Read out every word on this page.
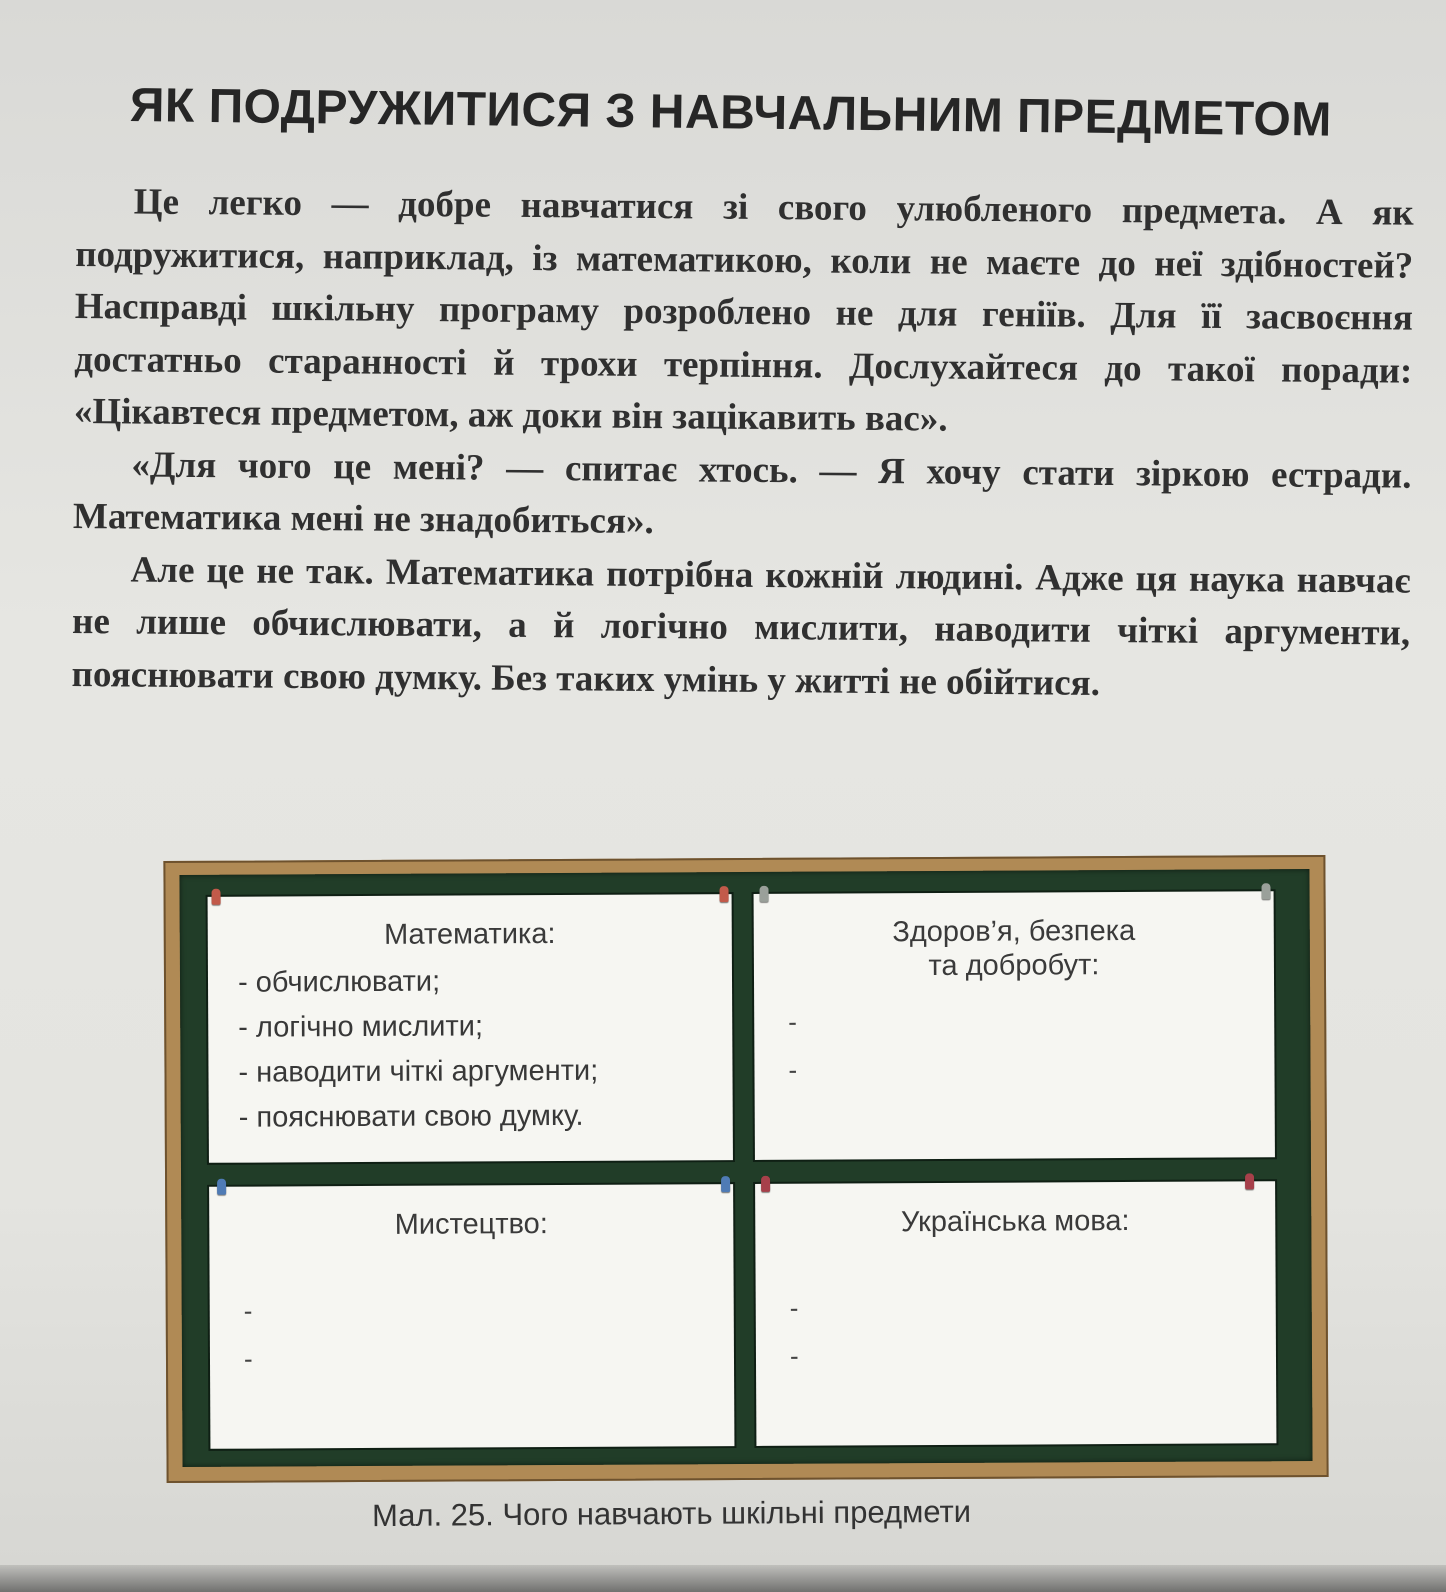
ЯК ПОДРУЖИТИСЯ З НАВЧАЛЬНИМ ПРЕДМЕТОМ

Це легко — добре навчатися зі свого улюбленого предмета. А як подружитися, наприклад, із математикою, коли не маєте до неї здібностей? Насправді шкільну програму розроблено не для геніїв. Для її засвоєння достатньо старанності й трохи терпіння. Дослухайтеся до такої поради: «Цікавтеся предметом, аж доки він зацікавить вас».

«Для чого це мені? — спитає хтось. — Я хочу стати зіркою естради. Математика мені не знадобиться».

Але це не так. Математика потрібна кожній людині. Адже ця наука навчає не лише обчислювати, а й логічно мислити, наводити чіткі аргументи, пояснювати свою думку. Без таких умінь у житті не обійтися.

Математика:
- обчислювати;
- логічно мислити;
- наводити чіткі аргументи;
- пояснювати свою думку.
Здоров’я, безпека
та добробут:
-
-
Мистецтво:
-
-
Українська мова:
-
-
Мал. 25. Чого навчають шкільні предмети
